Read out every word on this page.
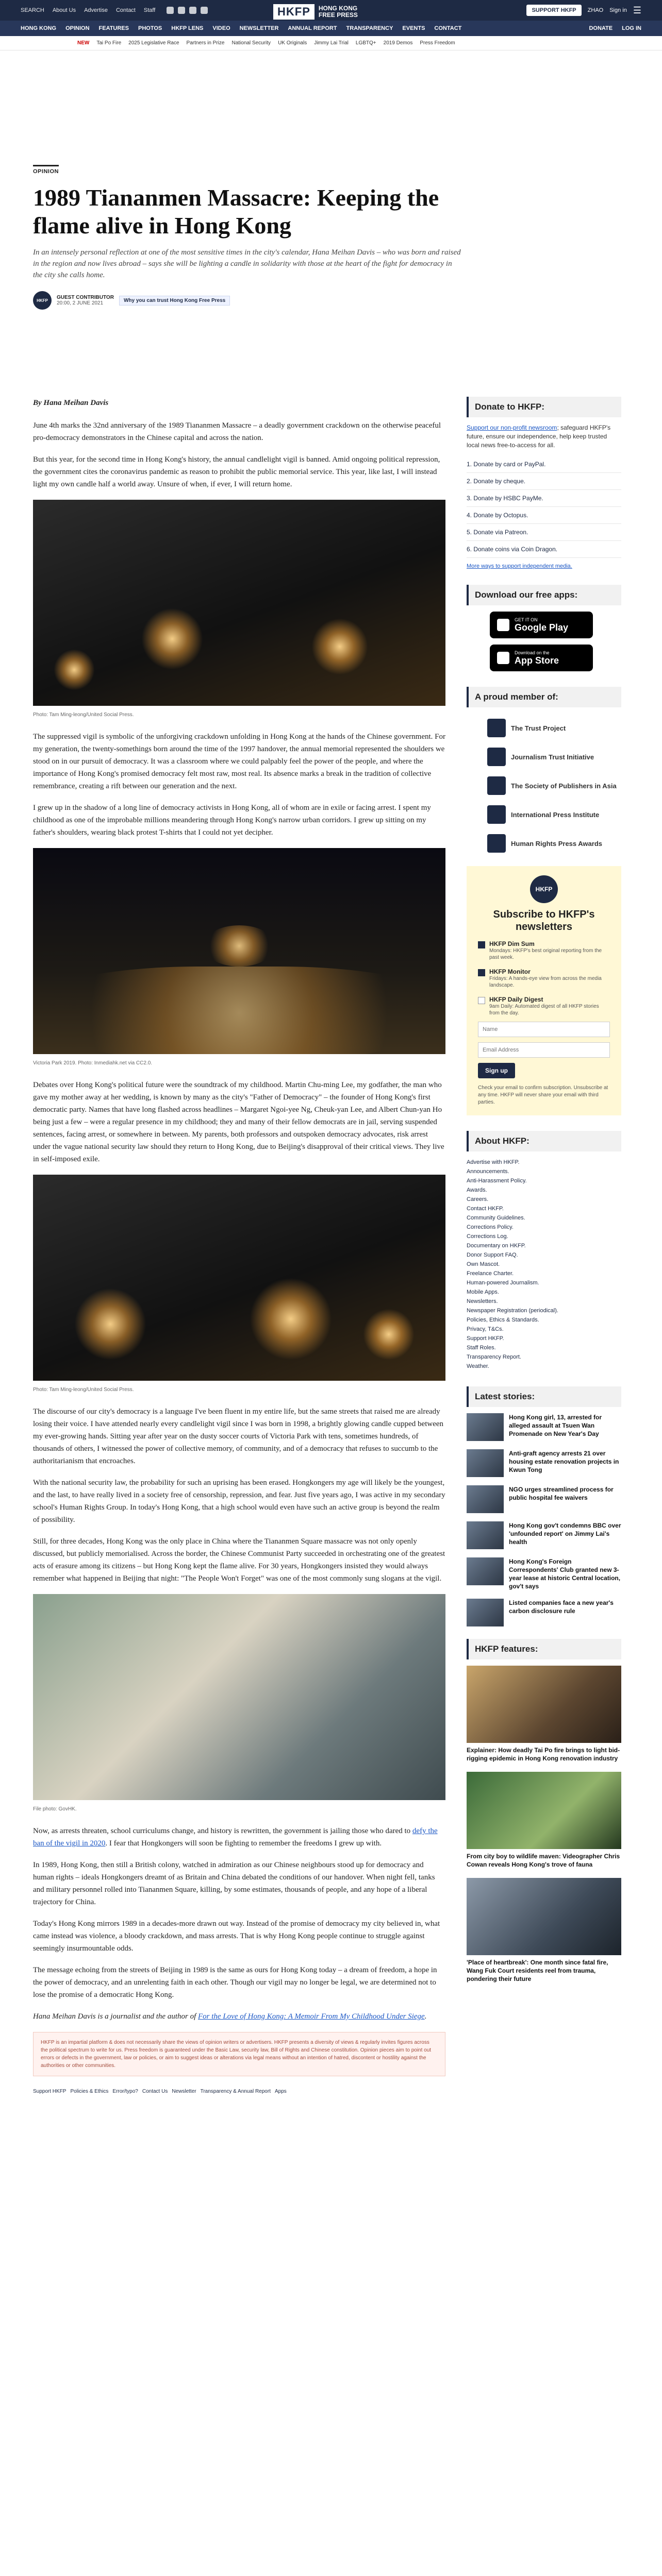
SEARCH About Us Advertise Contact Staff	SUPPORT HKFP	ZHAO Sign in ☰
HKFP	HONG KONG
FREE PRESS
HONG KONG OPINION FEATURES PHOTOS HKFP LENS VIDEO NEWSLETTER ANNUAL REPORT TRANSPARENCY EVENTS CONTACT	DONATE LOG IN
NEW Tai Po Fire 2025 Legislative Race Partners in Prize National Security UK Originals Jimmy Lai Trial LGBTQ+ 2019 Demos Press Freedom
OPINION
1989 Tiananmen Massacre: Keeping the flame alive in Hong Kong

In an intensely personal reflection at one of the most sensitive times in the city's calendar, Hana Meihan Davis – who was born and raised in the region and now lives abroad – says she will be lighting a candle in solidarity with those at the heart of the fight for democracy in the city she calls home.

HKFP	GUEST CONTRIBUTOR
20:00, 2 JUNE 2021	Why you can trust Hong Kong Free Press

By Hana Meihan Davis

June 4th marks the 32nd anniversary of the 1989 Tiananmen Massacre – a deadly government crackdown on the otherwise peaceful pro-democracy demonstrators in the Chinese capital and across the nation.

But this year, for the second time in Hong Kong's history, the annual candlelight vigil is banned. Amid ongoing political repression, the government cites the coronavirus pandemic as reason to prohibit the public memorial service. This year, like last, I will instead light my own candle half a world away. Unsure of when, if ever, I will return home.

Photo: Tam Ming-leong/United Social Press.

The suppressed vigil is symbolic of the unforgiving crackdown unfolding in Hong Kong at the hands of the Chinese government. For my generation, the twenty-somethings born around the time of the 1997 handover, the annual memorial represented the shoulders we stood on in our pursuit of democracy. It was a classroom where we could palpably feel the power of the people, and where the importance of Hong Kong's promised democracy felt most raw, most real. Its absence marks a break in the tradition of collective remembrance, creating a rift between our generation and the next.

I grew up in the shadow of a long line of democracy activists in Hong Kong, all of whom are in exile or facing arrest. I spent my childhood as one of the improbable millions meandering through Hong Kong's narrow urban corridors. I grew up sitting on my father's shoulders, wearing black protest T-shirts that I could not yet decipher.

Victoria Park 2019. Photo: Inmediahk.net via CC2.0.

Debates over Hong Kong's political future were the soundtrack of my childhood. Martin Chu-ming Lee, my godfather, the man who gave my mother away at her wedding, is known by many as the city's "Father of Democracy" – the founder of Hong Kong's first democratic party. Names that have long flashed across headlines – Margaret Ngoi-yee Ng, Cheuk-yan Lee, and Albert Chun-yan Ho being just a few – were a regular presence in my childhood; they and many of their fellow democrats are in jail, serving suspended sentences, facing arrest, or somewhere in between. My parents, both professors and outspoken democracy advocates, risk arrest under the vague national security law should they return to Hong Kong, due to Beijing's disapproval of their critical views. They live in self-imposed exile.

Photo: Tam Ming-leong/United Social Press.

The discourse of our city's democracy is a language I've been fluent in my entire life, but the same streets that raised me are already losing their voice. I have attended nearly every candlelight vigil since I was born in 1998, a brightly glowing candle cupped between my ever-growing hands. Sitting year after year on the dusty soccer courts of Victoria Park with tens, sometimes hundreds, of thousands of others, I witnessed the power of collective memory, of community, and of a democracy that refuses to succumb to the authoritarianism that encroaches.

With the national security law, the probability for such an uprising has been erased. Hongkongers my age will likely be the youngest, and the last, to have really lived in a society free of censorship, repression, and fear. Just five years ago, I was active in my secondary school's Human Rights Group. In today's Hong Kong, that a high school would even have such an active group is beyond the realm of possibility.

Still, for three decades, Hong Kong was the only place in China where the Tiananmen Square massacre was not only openly discussed, but publicly memorialised. Across the border, the Chinese Communist Party succeeded in orchestrating one of the greatest acts of erasure among its citizens – but Hong Kong kept the flame alive. For 30 years, Hongkongers insisted they would always remember what happened in Beijing that night: "The People Won't Forget" was one of the most commonly sung slogans at the vigil.

File photo: GovHK.

Now, as arrests threaten, school curriculums change, and history is rewritten, the government is jailing those who dared to defy the ban of the vigil in 2020. I fear that Hongkongers will soon be fighting to remember the freedoms I grew up with.

In 1989, Hong Kong, then still a British colony, watched in admiration as our Chinese neighbours stood up for democracy and human rights – ideals Hongkongers dreamt of as Britain and China debated the conditions of our handover. When night fell, tanks and military personnel rolled into Tiananmen Square, killing, by some estimates, thousands of people, and any hope of a liberal trajectory for China.

Today's Hong Kong mirrors 1989 in a decades-more drawn out way. Instead of the promise of democracy my city believed in, what came instead was violence, a bloody crackdown, and mass arrests. That is why Hong Kong people continue to struggle against seemingly insurmountable odds.

The message echoing from the streets of Beijing in 1989 is the same as ours for Hong Kong today – a dream of freedom, a hope in the power of democracy, and an unrelenting faith in each other. Though our vigil may no longer be legal, we are determined not to lose the promise of a democratic Hong Kong.

Hana Meihan Davis is a journalist and the author of For the Love of Hong Kong: A Memoir From My Childhood Under Siege.

HKFP is an impartial platform & does not necessarily share the views of opinion writers or advertisers. HKFP presents a diversity of views & regularly invites figures across the political spectrum to write for us. Press freedom is guaranteed under the Basic Law, security law, Bill of Rights and Chinese constitution. Opinion pieces aim to point out errors or defects in the government, law or policies, or aim to suggest ideas or alterations via legal means without an intention of hatred, discontent or hostility against the authorities or other communities.
Support HKFP Policies & Ethics Error/typo? Contact Us Newsletter Transparency & Annual Report Apps
Donate to HKFP:

Support our non-profit newsroom; safeguard HKFP's future, ensure our independence, help keep trusted local news free-to-access for all.

1. Donate by card or PayPal.
2. Donate by cheque.
3. Donate by HSBC PayMe.
4. Donate by Octopus.
5. Donate via Patreon.
6. Donate coins via Coin Dragon.
More ways to support independent media.
Download our free apps:
GET IT ON
Google Play
Download on the
App Store
A proud member of:
The Trust Project
Journalism Trust Initiative
The Society of Publishers in Asia
International Press Institute
Human Rights Press Awards
HKFP
Subscribe to HKFP's newsletters
HKFP Dim Sum
Mondays: HKFP's best original reporting from the past week.
HKFP Monitor
Fridays: A hands-eye view from across the media landscape.
HKFP Daily Digest
9am Daily: Automated digest of all HKFP stories from the day.
Name Email Address Sign up

Check your email to confirm subscription. Unsubscribe at any time. HKFP will never share your email with third parties.

About HKFP:
Advertise with HKFP.
Announcements.
Anti-Harassment Policy.
Awards.
Careers.
Contact HKFP.
Community Guidelines.
Corrections Policy.
Corrections Log.
Documentary on HKFP.
Donor Support FAQ.
Own Mascot.
Freelance Charter.
Human-powered Journalism.
Mobile Apps.
Newsletters.
Newspaper Registration (periodical).
Policies, Ethics & Standards.
Privacy, T&Cs.
Support HKFP.
Staff Roles.
Transparency Report.
Weather.
Latest stories:
Hong Kong girl, 13, arrested for alleged assault at Tsuen Wan Promenade on New Year's Day
Anti-graft agency arrests 21 over housing estate renovation projects in Kwun Tong
NGO urges streamlined process for public hospital fee waivers
Hong Kong gov't condemns BBC over 'unfounded report' on Jimmy Lai's health
Hong Kong's Foreign Correspondents' Club granted new 3-year lease at historic Central location, gov't says
Listed companies face a new year's carbon disclosure rule
HKFP features:
Explainer: How deadly Tai Po fire brings to light bid-rigging epidemic in Hong Kong renovation industry
From city boy to wildlife maven: Videographer Chris Cowan reveals Hong Kong's trove of fauna
'Place of heartbreak': One month since fatal fire, Wang Fuk Court residents reel from trauma, pondering their future
